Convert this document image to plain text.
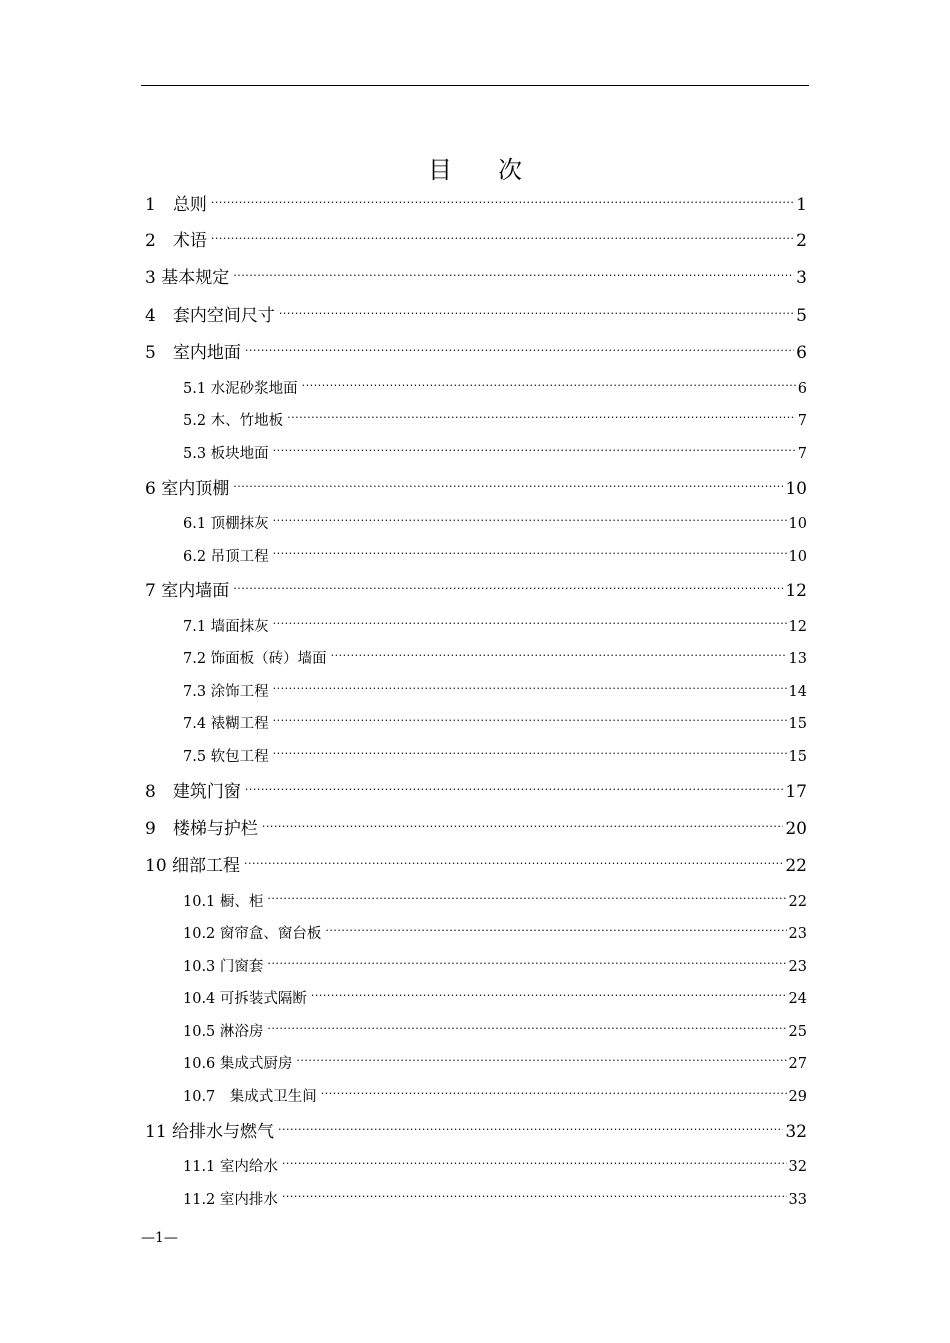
目 次
1　总则 .....	1
2　术语 .....	2
3 基本规定 .....	3
4　套内空间尺寸 .....	5
5　室内地面 .....	6
5.1 水泥砂浆地面 .....	6
5.2 木、竹地板 .....	7
5.3 板块地面 .....	7
6 室内顶棚 .....	10
6.1 顶棚抹灰 .....	10
6.2 吊顶工程 .....	10
7 室内墙面 .....	12
7.1 墙面抹灰 .....	12
7.2 饰面板（砖）墙面 .....	13
7.3 涂饰工程 .....	14
7.4 裱糊工程 .....	15
7.5 软包工程 .....	15
8　建筑门窗 .....	17
9　楼梯与护栏 .....	20
10 细部工程 .....	22
10.1 橱、柜 .....	22
10.2 窗帘盒、窗台板 .....	23
10.3 门窗套 .....	23
10.4 可拆装式隔断 .....	24
10.5 淋浴房 .....	25
10.6 集成式厨房 .....	27
10.7　集成式卫生间 .....	29
11 给排水与燃气 .....	32
11.1 室内给水 .....	32
11.2 室内排水 .....	33
—1—
